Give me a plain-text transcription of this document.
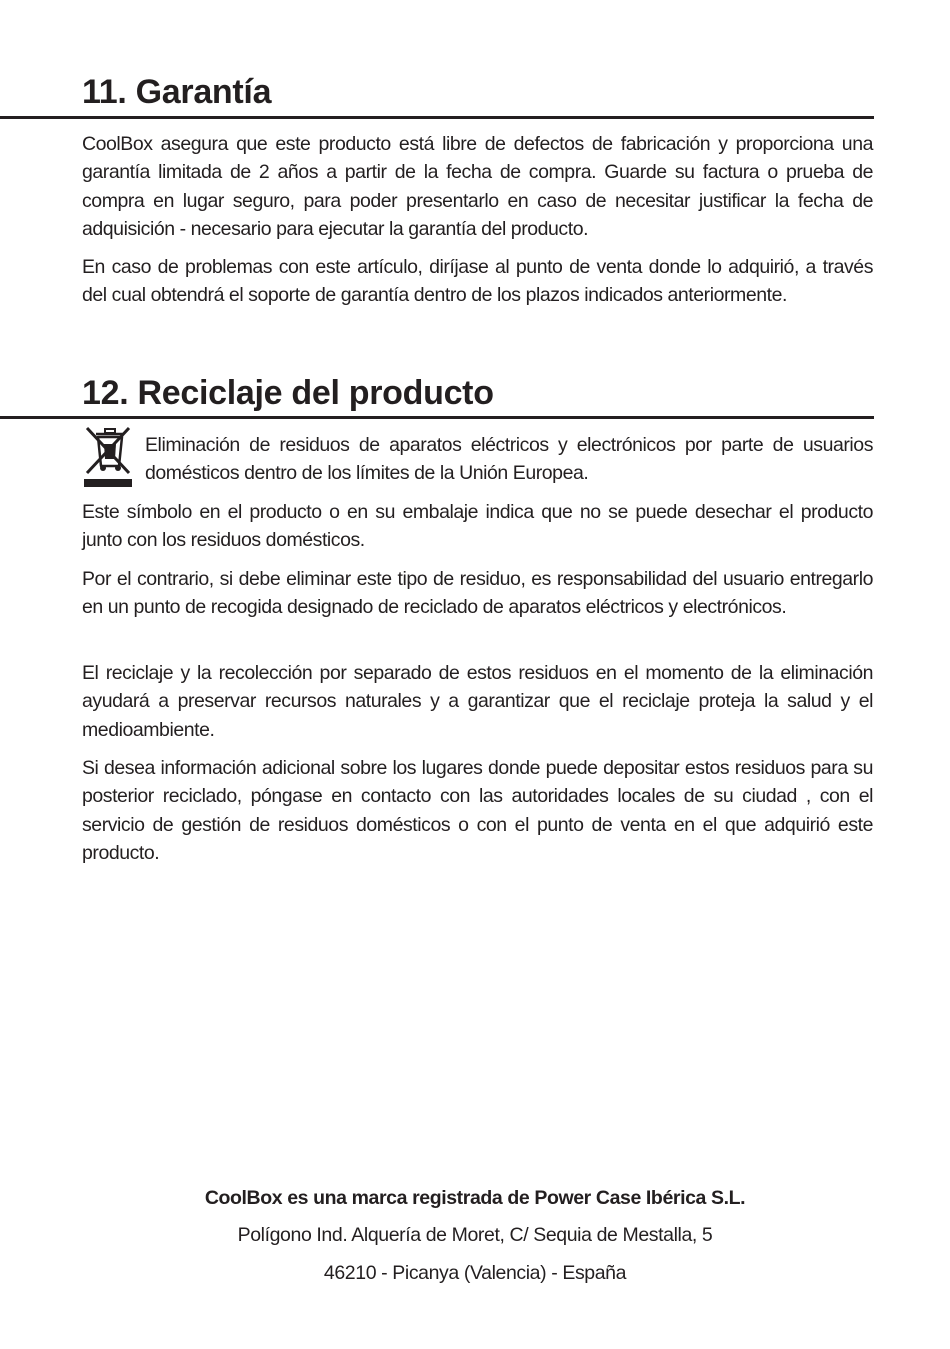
11. Garantía

CoolBox asegura que este producto está libre de defectos de fabricación y proporciona una garantía limitada de 2 años a partir de la fecha de compra. Guarde su factura o prueba de compra en lugar seguro, para poder presentarlo en caso de necesitar justificar la fecha de adquisición - necesario para ejecutar la garantía del producto.

En caso de problemas con este artículo, diríjase al punto de venta donde lo adquirió, a través del cual obtendrá el soporte de garantía dentro de los plazos indicados anteriormente.

12. Reciclaje del producto

Eliminación de residuos de aparatos eléctricos y electrónicos por parte de usuarios domésticos dentro de los límites de la Unión Europea.

Este símbolo en el producto o en su embalaje indica que no se puede desechar el producto junto con los residuos domésticos.

Por el contrario, si debe eliminar este tipo de residuo, es responsabilidad del usuario entregarlo en un punto de recogida designado de reciclado de aparatos eléctricos y electrónicos.

El reciclaje y la recolección por separado de estos residuos en el momento de la eliminación ayudará a preservar recursos naturales y a garantizar que el reciclaje proteja la salud y el medioambiente.

Si desea información adicional sobre los lugares donde puede depositar estos residuos para su posterior reciclado, póngase en contacto con las autoridades locales de su ciudad , con el servicio de gestión de residuos domésticos o con el punto de venta en el que adquirió este producto.

CoolBox es una marca registrada de Power Case Ibérica S.L.

Polígono Ind. Alquería de Moret, C/ Sequia de Mestalla, 5

46210 - Picanya (Valencia) - España
